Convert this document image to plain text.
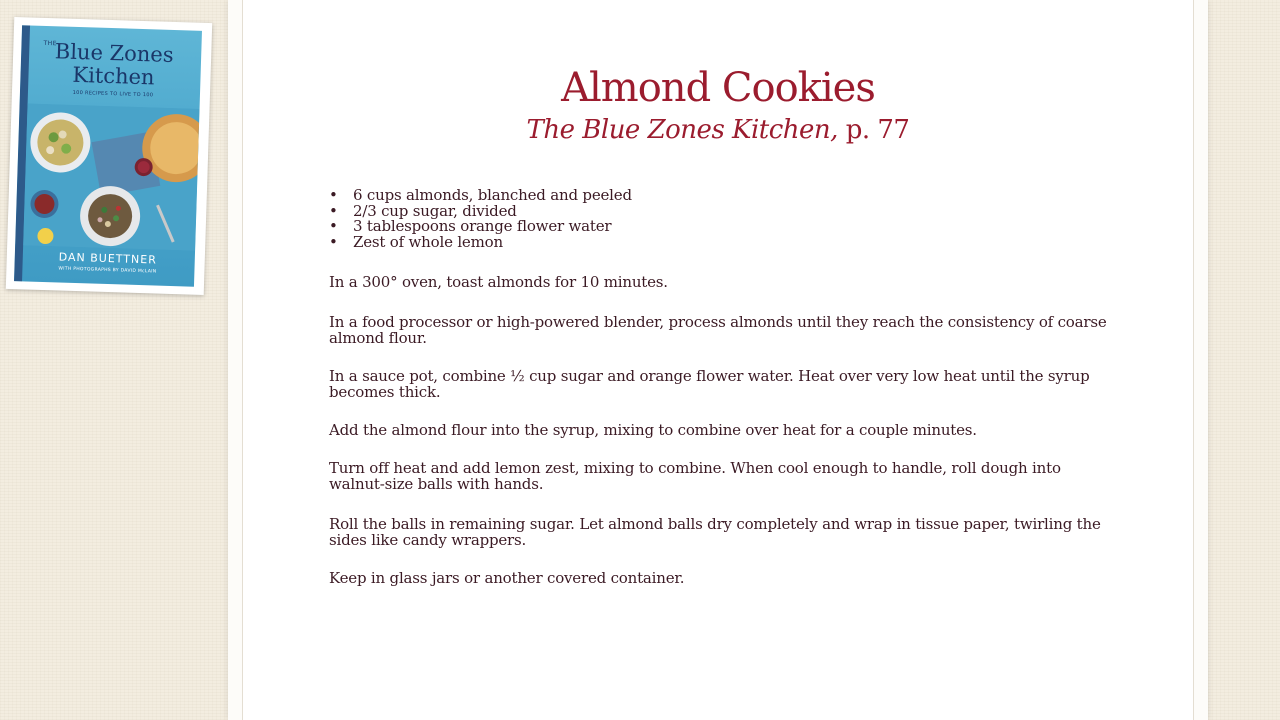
THE
Blue Zones
Kitchen
100 RECIPES TO LIVE TO 100
DAN BUETTNER
WITH PHOTOGRAPHS BY DAVID McLAIN
Almond Cookies
The Blue Zones Kitchen, p. 77
• 6 cups almonds, blanched and peeled
• 2/3 cup sugar, divided
• 3 tablespoons orange flower water
• Zest of whole lemon

In a 300° oven, toast almonds for 10 minutes.

In a food processor or high-powered blender, process almonds until they reach the consistency of coarse almond flour.

In a sauce pot, combine ½ cup sugar and orange flower water. Heat over very low heat until the syrup becomes thick.

Add the almond flour into the syrup, mixing to combine over heat for a couple minutes.

Turn off heat and add lemon zest, mixing to combine. When cool enough to handle, roll dough into walnut-size balls with hands.

Roll the balls in remaining sugar. Let almond balls dry completely and wrap in tissue paper, twirling the sides like candy wrappers.

Keep in glass jars or another covered container.
